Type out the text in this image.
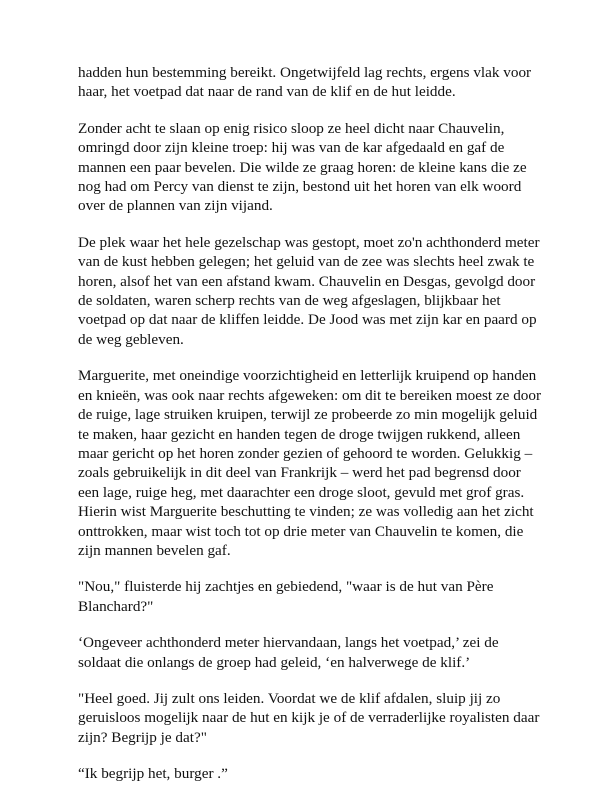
hadden hun bestemming bereikt. Ongetwijfeld lag rechts, ergens vlak voor
haar, het voetpad dat naar de rand van de klif en de hut leidde.

Zonder acht te slaan op enig risico sloop ze heel dicht naar Chauvelin,
omringd door zijn kleine troep: hij was van de kar afgedaald en gaf de
mannen een paar bevelen. Die wilde ze graag horen: de kleine kans die ze
nog had om Percy van dienst te zijn, bestond uit het horen van elk woord
over de plannen van zijn vijand.

De plek waar het hele gezelschap was gestopt, moet zo'n achthonderd meter
van de kust hebben gelegen; het geluid van de zee was slechts heel zwak te
horen, alsof het van een afstand kwam. Chauvelin en Desgas, gevolgd door
de soldaten, waren scherp rechts van de weg afgeslagen, blijkbaar het
voetpad op dat naar de kliffen leidde. De Jood was met zijn kar en paard op
de weg gebleven.

Marguerite, met oneindige voorzichtigheid en letterlijk kruipend op handen
en knieën, was ook naar rechts afgeweken: om dit te bereiken moest ze door
de ruige, lage struiken kruipen, terwijl ze probeerde zo min mogelijk geluid
te maken, haar gezicht en handen tegen de droge twijgen rukkend, alleen
maar gericht op het horen zonder gezien of gehoord te worden. Gelukkig –
zoals gebruikelijk in dit deel van Frankrijk – werd het pad begrensd door
een lage, ruige heg, met daarachter een droge sloot, gevuld met grof gras.
Hierin wist Marguerite beschutting te vinden; ze was volledig aan het zicht
onttrokken, maar wist toch tot op drie meter van Chauvelin te komen, die
zijn mannen bevelen gaf.

"Nou," fluisterde hij zachtjes en gebiedend, "waar is de hut van Père
Blanchard?"

‘Ongeveer achthonderd meter hiervandaan, langs het voetpad,’ zei de
soldaat die onlangs de groep had geleid, ‘en halverwege de klif.’

"Heel goed. Jij zult ons leiden. Voordat we de klif afdalen, sluip jij zo
geruisloos mogelijk naar de hut en kijk je of de verraderlijke royalisten daar
zijn? Begrijp je dat?"

“Ik begrijp het, burger .”
